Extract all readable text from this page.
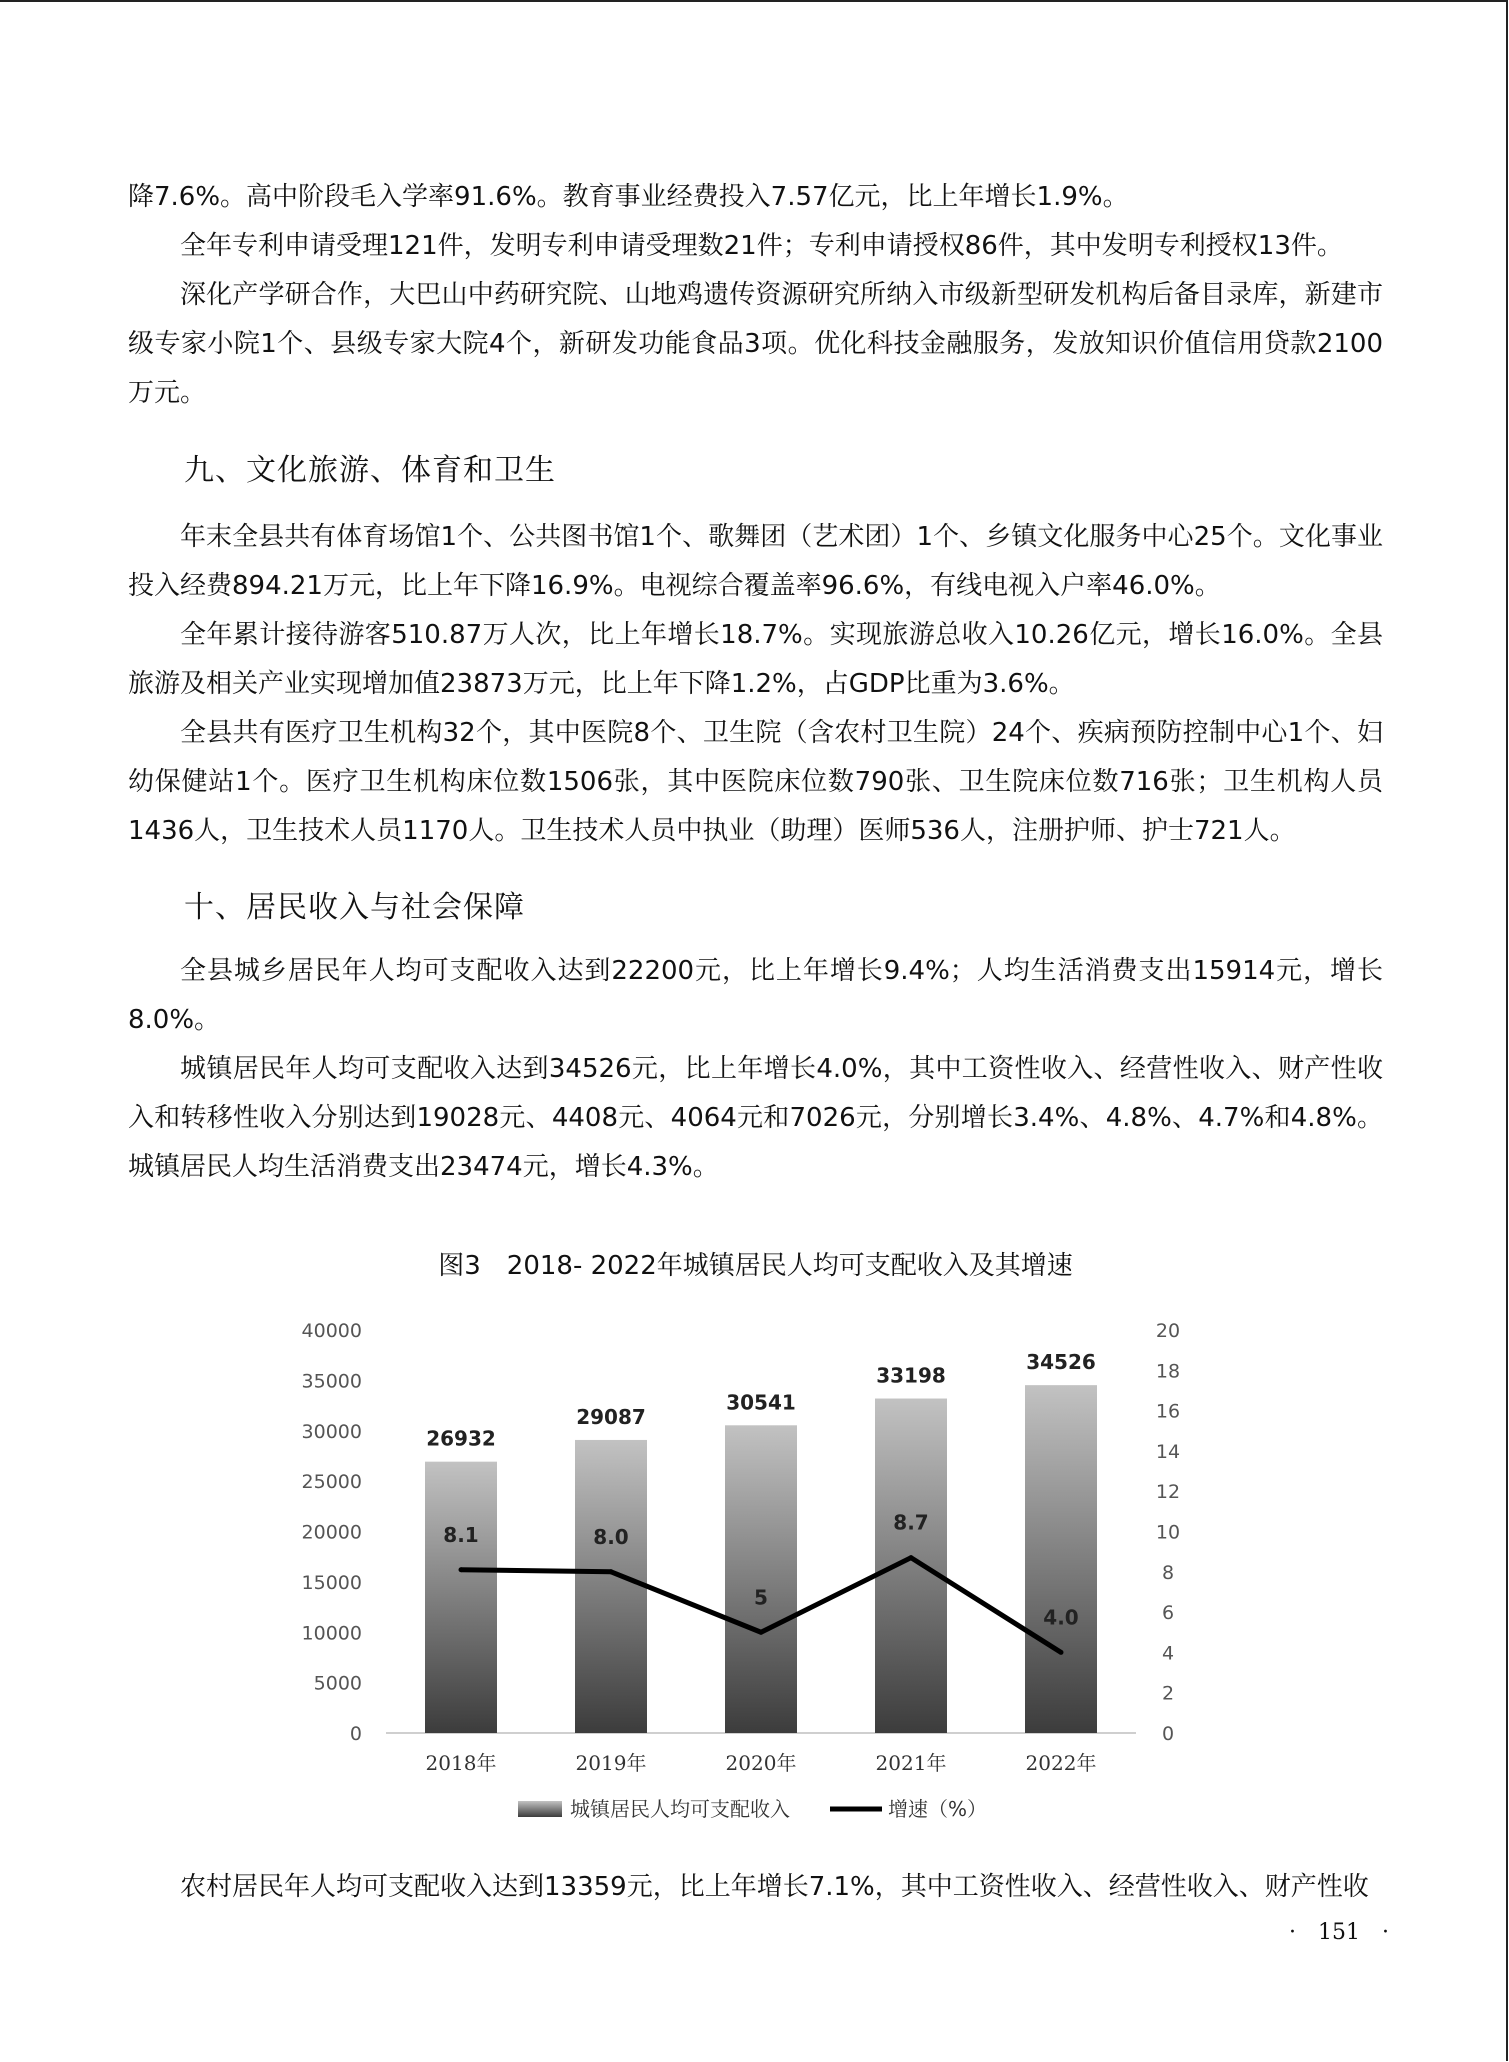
降7.6%。高中阶段毛入学率91.6%。教育事业经费投入7.57亿元，比上年增长1.9%。

全年专利申请受理121件，发明专利申请受理数21件；专利申请授权86件，其中发明专利授权13件。

深化产学研合作，大巴山中药研究院、山地鸡遗传资源研究所纳入市级新型研发机构后备目录库，新建市级专家小院1个、县级专家大院4个，新研发功能食品3项。优化科技金融服务，发放知识价值信用贷款2100万元。

九、文化旅游、体育和卫生

年末全县共有体育场馆1个、公共图书馆1个、歌舞团（艺术团）1个、乡镇文化服务中心25个。文化事业投入经费894.21万元，比上年下降16.9%。电视综合覆盖率96.6%，有线电视入户率46.0%。

全年累计接待游客510.87万人次，比上年增长18.7%。实现旅游总收入10.26亿元，增长16.0%。全县旅游及相关产业实现增加值23873万元，比上年下降1.2%，占GDP比重为3.6%。

全县共有医疗卫生机构32个，其中医院8个、卫生院（含农村卫生院）24个、疾病预防控制中心1个、妇幼保健站1个。医疗卫生机构床位数1506张，其中医院床位数790张、卫生院床位数716张；卫生机构人员1436人，卫生技术人员1170人。卫生技术人员中执业（助理）医师536人，注册护师、护士721人。

十、居民收入与社会保障

全县城乡居民年人均可支配收入达到22200元，比上年增长9.4%；人均生活消费支出15914元，增长8.0%。

城镇居民年人均可支配收入达到34526元，比上年增长4.0%，其中工资性收入、经营性收入、财产性收入和转移性收入分别达到19028元、4408元、4064元和7026元，分别增长3.4%、4.8%、4.7%和4.8%。城镇居民人均生活消费支出23474元，增长4.3%。

图3　2018- 2022年城镇居民人均可支配收入及其增速

农村居民年人均可支配收入达到13359元，比上年增长7.1%，其中工资性收入、经营性收入、财产性收

0
5000
10000
15000
20000
25000
30000
35000
40000
0
2
4
6
8
10
12
14
16
18
20
26932
29087
30541
33198
34526
8.1	8.0
5
8.7
4.0
2018年	2019年	2020年	2021年	2022年
城镇居民人均可支配收入	增速（%）
·　151　·
